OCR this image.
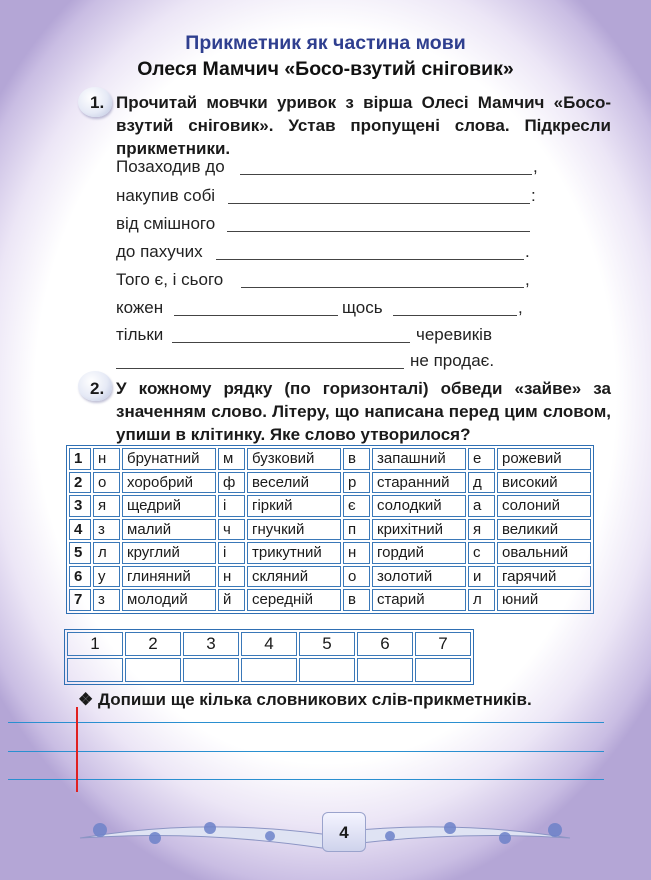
Прикметник як частина мови
Олеся Мамчич «Босо-взутий сніговик»
1. Прочитай мовчки уривок з вірша Олесі Мамчич «Босо-взутий сніговик». Устав пропущені слова. Підкресли прикметники.
Позаходив до	,
накупив собі	:
від смішного
до пахучих	.
Того є, і сього	,
кожен	щось	,
тільки	черевиків
не продає.
2. У кожному рядку (по горизонталі) обведи «зайве» за значенням слово. Літеру, що написана перед цим словом, упиши в клітинку. Яке слово утворилося?
1	н	брунатний	м	бузковий	в	запашний	е	рожевий
2	о	хоробрий	ф	веселий	р	старанний	д	високий
3	я	щедрий	і	гіркий	є	солодкий	а	солоний
4	з	малий	ч	гнучкий	п	крихітний	я	великий
5	л	круглий	і	трикутний	н	гордий	с	овальний
6	у	глиняний	н	скляний	о	золотий	и	гарячий
7	з	молодий	й	середній	в	старий	л	юний
1	2	3	4	5	6	7

❖ Допиши ще кілька словникових слів-прикметників.
4
